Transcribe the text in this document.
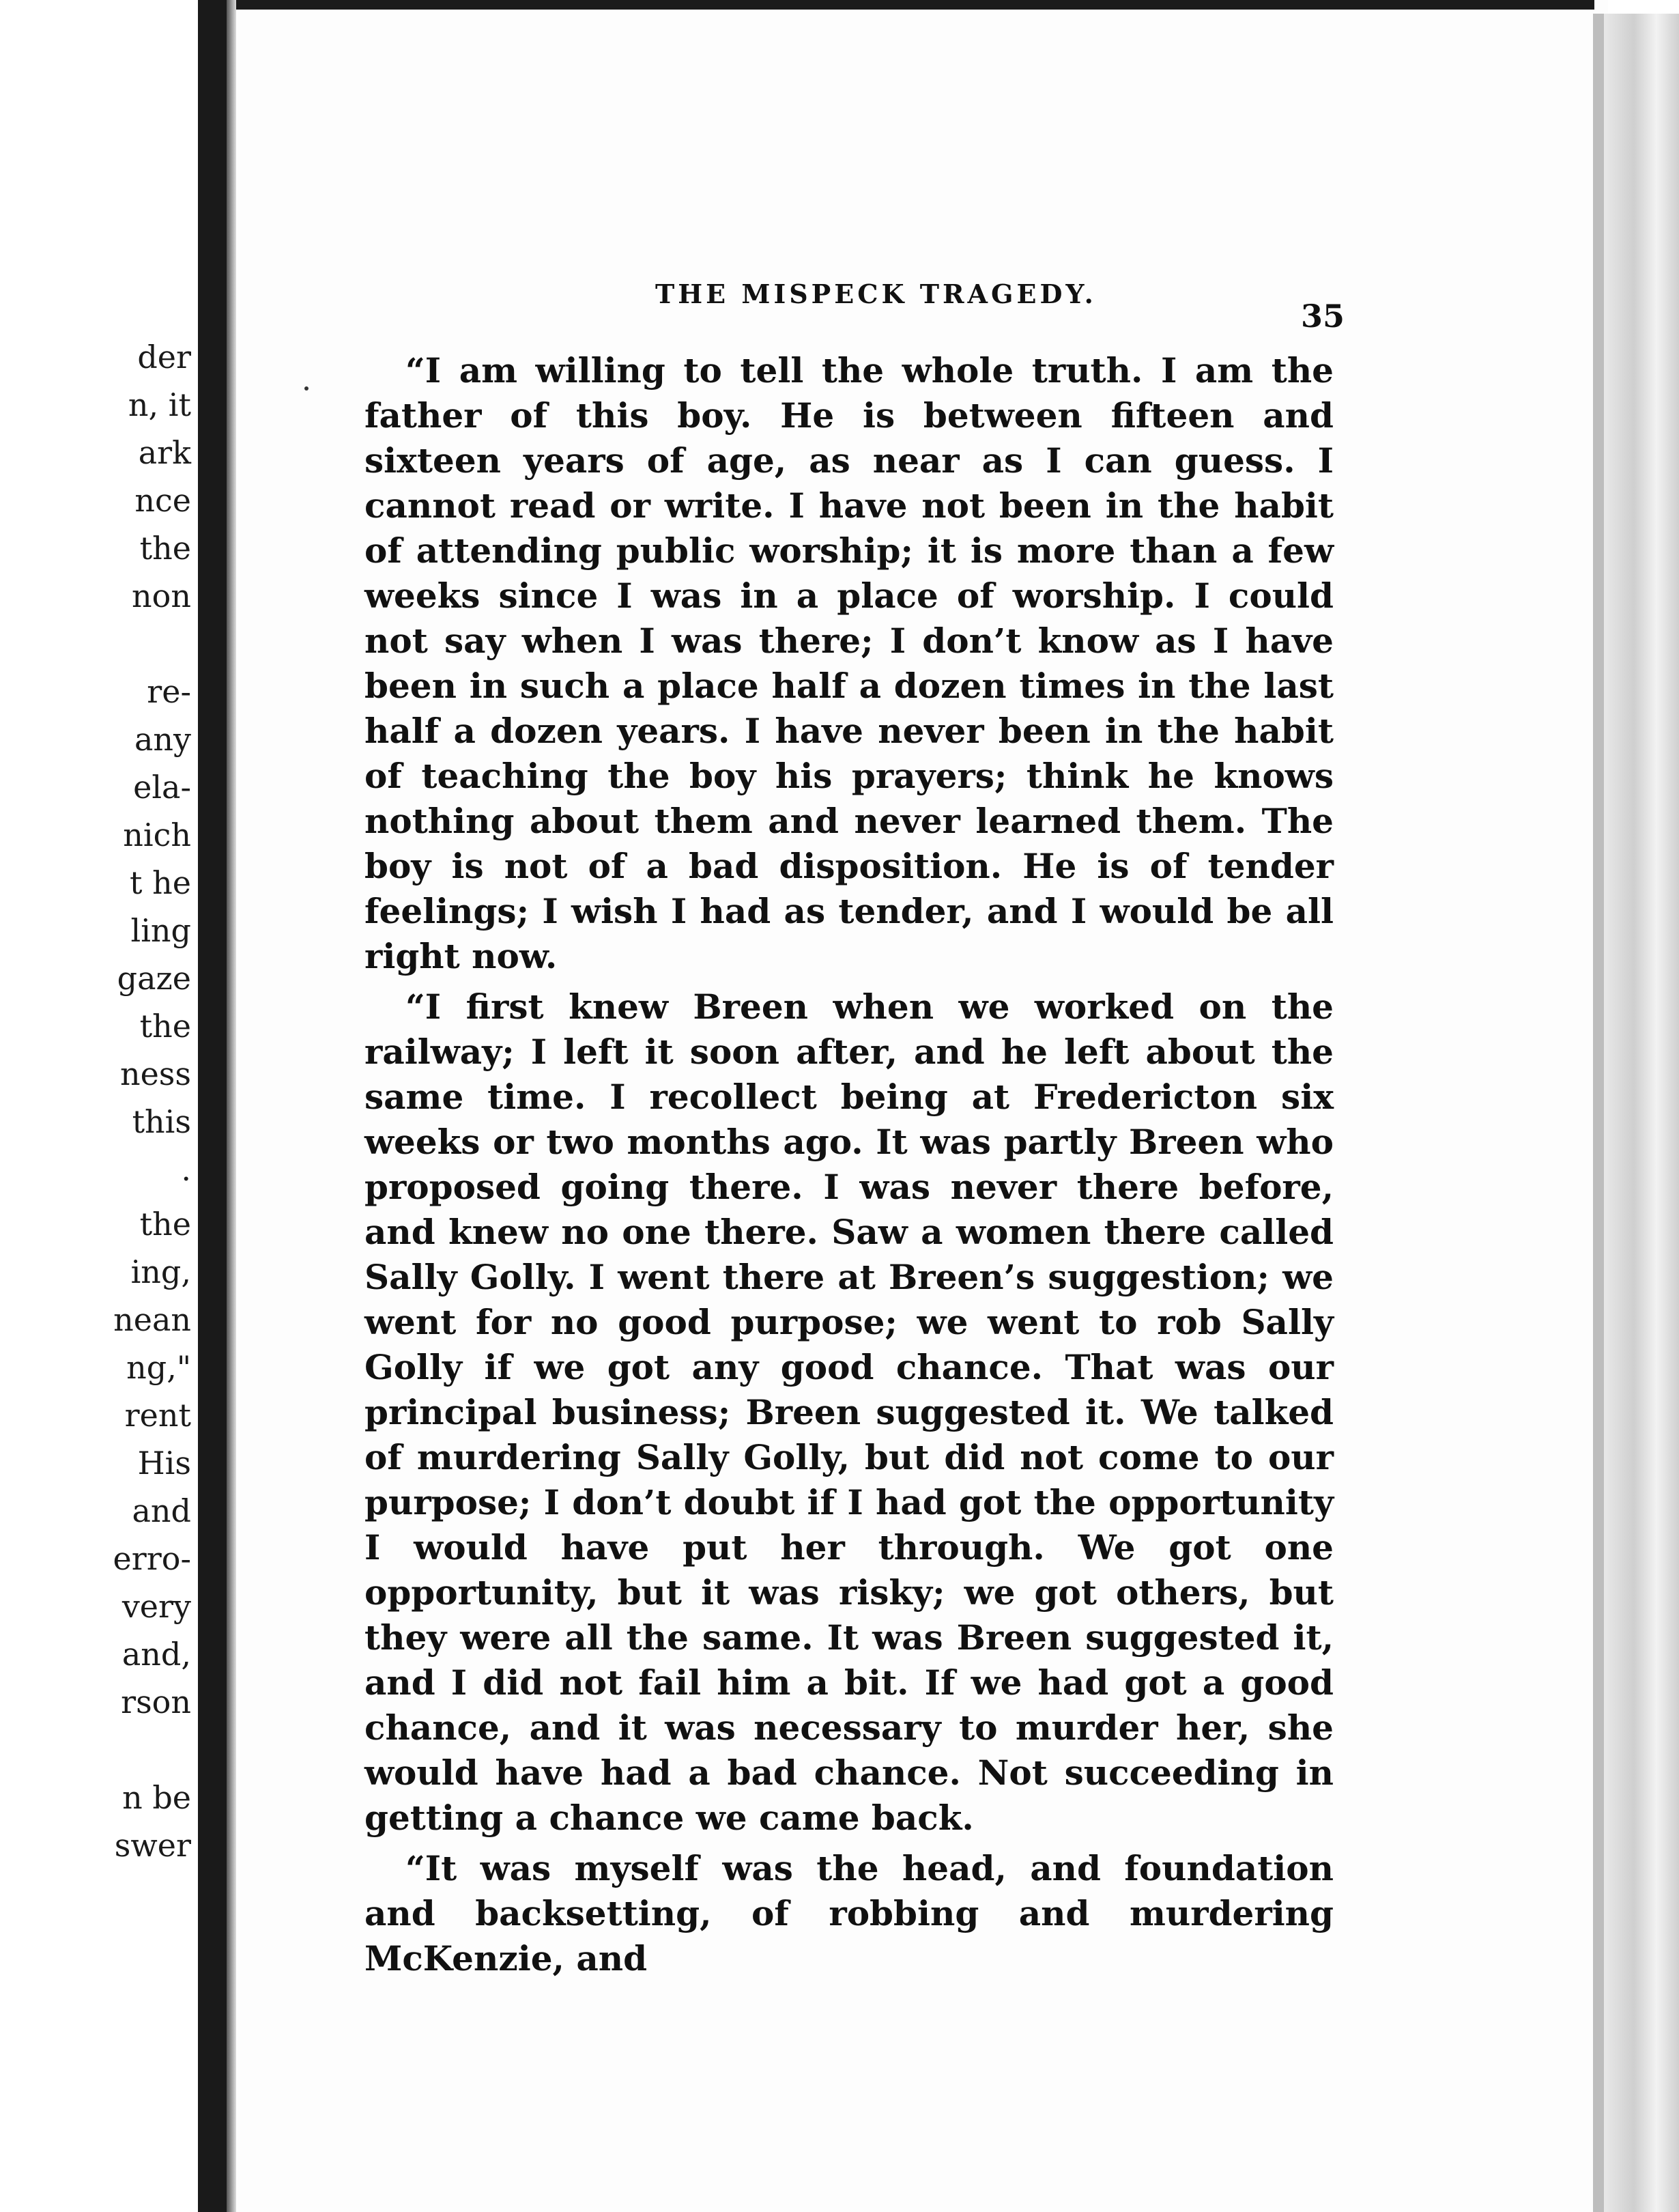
der
n, it
ark
nce
the
non
re-
any
ela-
nich
t he
ling
gaze
the
ness
this
.
the
ing,
nean
ng,"
rent
His
and
erro-
very
and,
rson
n be
swer
THE MISPECK TRAGEDY.
35

“I am willing to tell the whole truth. I am the father of this boy. He is between fifteen and sixteen years of age, as near as I can guess. I cannot read or write. I have not been in the habit of attending public worship; it is more than a few weeks since I was in a place of worship. I could not say when I was there; I don’t know as I have been in such a place half a dozen times in the last half a dozen years. I have never been in the habit of teaching the boy his prayers; think he knows nothing about them and never learned them. The boy is not of a bad disposition. He is of tender feelings; I wish I had as tender, and I would be all right now.

“I first knew Breen when we worked on the railway; I left it soon after, and he left about the same time. I recollect being at Fredericton six weeks or two months ago. It was partly Breen who proposed going there. I was never there before, and knew no one there. Saw a women there called Sally Golly. I went there at Breen’s suggestion; we went for no good purpose; we went to rob Sally Golly if we got any good chance. That was our principal business; Breen suggested it. We talked of murdering Sally Golly, but did not come to our purpose; I don’t doubt if I had got the opportunity I would have put her through. We got one opportunity, but it was risky; we got others, but they were all the same. It was Breen suggested it, and I did not fail him a bit. If we had got a good chance, and it was necessary to murder her, she would have had a bad chance. Not succeeding in getting a chance we came back.

“It was myself was the head, and foundation and backsetting, of robbing and murdering McKenzie, and
